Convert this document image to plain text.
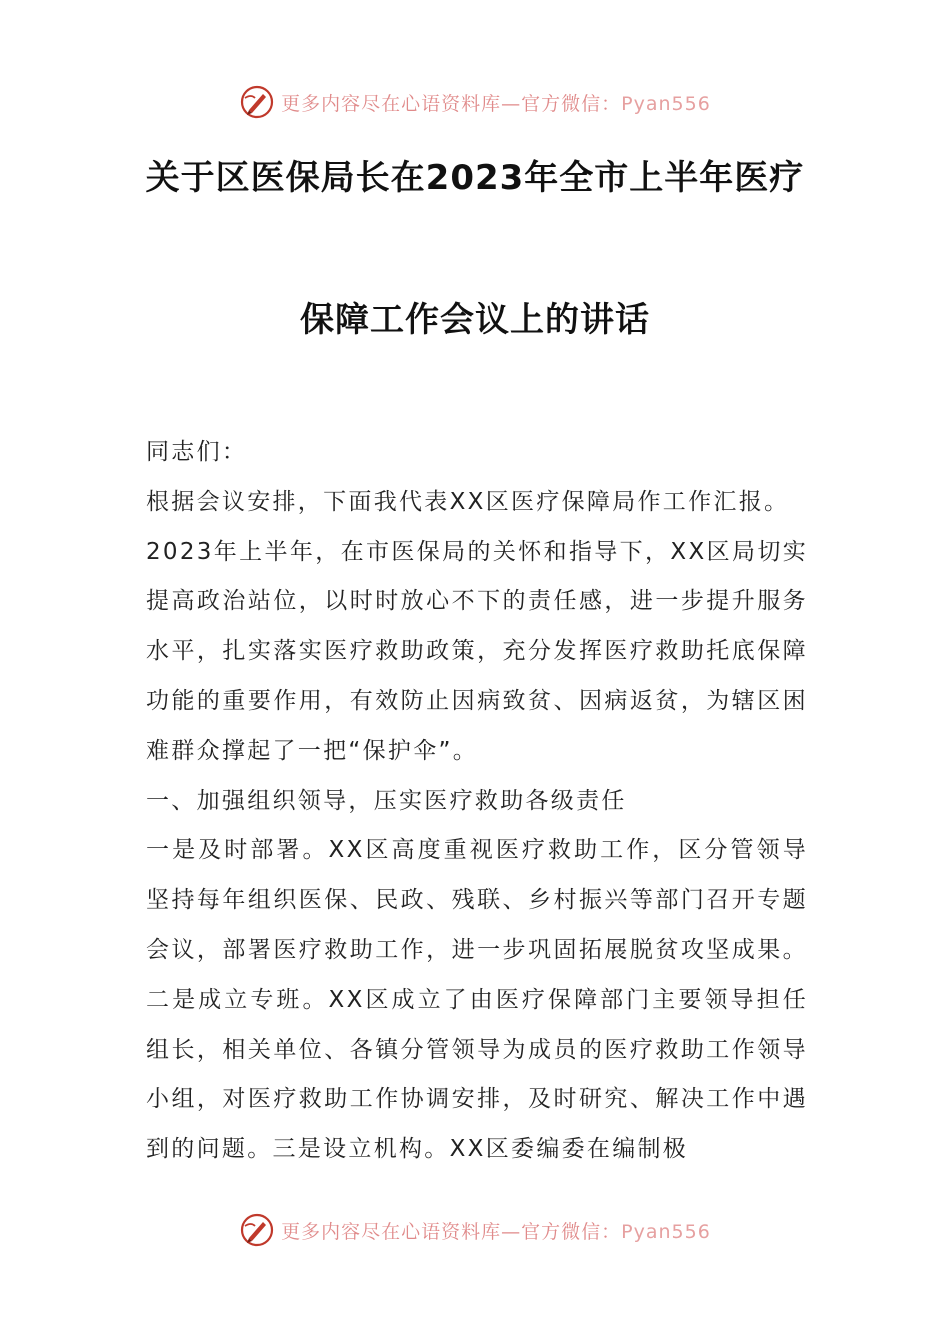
更多内容尽在心语资料库—官方微信：Pyan556
关于区医保局长在2023年全市上半年医疗
保障工作会议上的讲话

同志们：

根据会议安排，下面我代表XX区医疗保障局作工作汇报。

2023年上半年，在市医保局的关怀和指导下，XX区局切实提高政治站位，以时时放心不下的责任感，进一步提升服务水平，扎实落实医疗救助政策，充分发挥医疗救助托底保障功能的重要作用，有效防止因病致贫、因病返贫，为辖区困难群众撑起了一把“保护伞”。

一、加强组织领导，压实医疗救助各级责任

一是及时部署。XX区高度重视医疗救助工作，区分管领导坚持每年组织医保、民政、残联、乡村振兴等部门召开专题会议，部署医疗救助工作，进一步巩固拓展脱贫攻坚成果。二是成立专班。XX区成立了由医疗保障部门主要领导担任组长，相关单位、各镇分管领导为成员的医疗救助工作领导小组，对医疗救助工作协调安排，及时研究、解决工作中遇到的问题。三是设立机构。XX区委编委在编制极

更多内容尽在心语资料库—官方微信：Pyan556
